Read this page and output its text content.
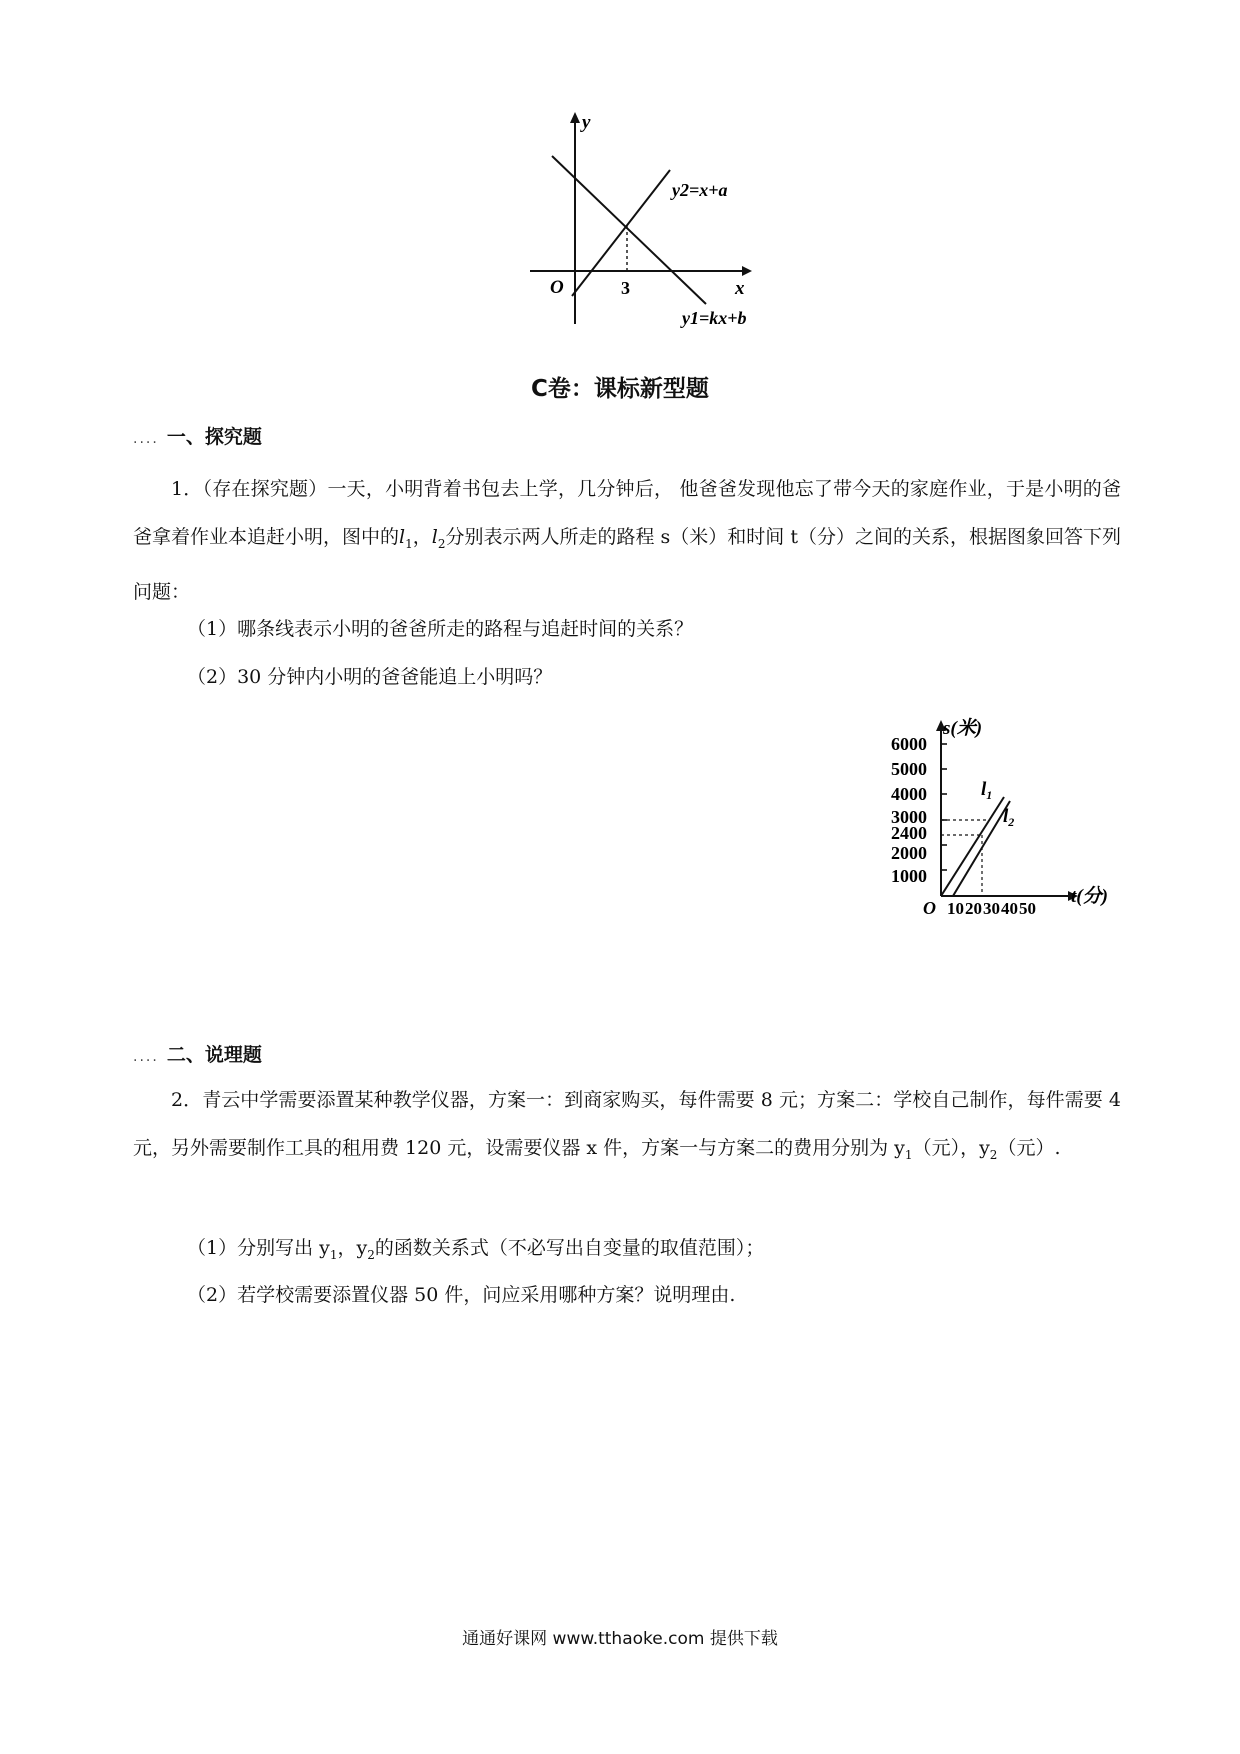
y
x
O	3
y2=x+a
y1=kx+b
C卷：课标新型题
.... 一、探究题
1．（存在探究题）一天，小明背着书包去上学，几分钟后， 他爸爸发现他忘了带今天的家庭作业，于是小明的爸爸拿着作业本追赶小明，图中的$l_1$，$l_2$分别表示两人所走的路程 s（米）和时间 t（分）之间的关系，根据图象回答下列问题：
（1）哪条线表示小明的爸爸所走的路程与追赶时间的关系？
（2）30 分钟内小明的爸爸能追上小明吗？
s(米)
t(分)
O
6000
5000
4000
3000
2400
2000
1000
10 20 30 40 50
$l_1$
$l_2$
.... 二、说理题
2．青云中学需要添置某种教学仪器，方案一：到商家购买，每件需要 8 元；方案二：学校自己制作，每件需要 4 元，另外需要制作工具的租用费 120 元，设需要仪器 x 件，方案一与方案二的费用分别为 $y_1$（元），$y_2$（元）.
（1）分别写出 $y_1$，$y_2$的函数关系式（不必写出自变量的取值范围）；
（2）若学校需要添置仪器 50 件，问应采用哪种方案？说明理由.
通通好课网 www.tthaoke.com 提供下载
